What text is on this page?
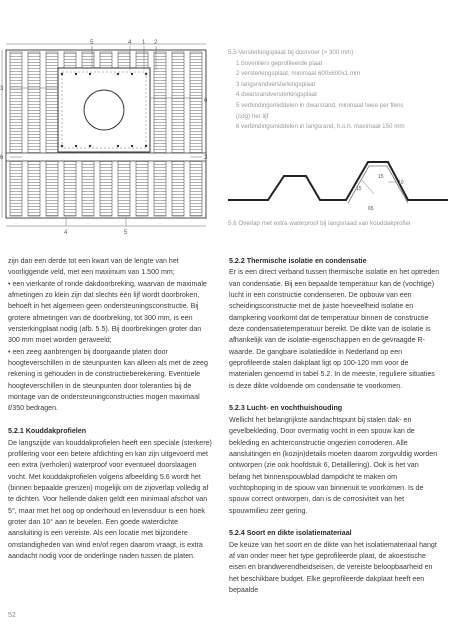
5	4 1 2
3
6
6	3
4	5
5.5 Versterkingsplaat bij doorvoer (> 300 mm)
1 bovenliers geprofileerde plaat
2 versterkingsplaat, minimaal 600x600x1 mm
3 langsrandversterkingsplaat
4 dwarsrandversterkingsplaat
5 verbindingsmiddelen in dwarsrand, minimaal twee per flens
(cdg) her lijf
6 verbindingsmiddelen in langsrand, h.o.h. maximaal 150 mm
15
10
15
65
5.6 Overlap met extra waterproof bij langsnaad van kouddakprofiel

zijn dan een derde tot een kwart van de lengte van het voorliggende veld, met een maximum van 1.500 mm;

• een vierkante of ronde dakdoorbreking, waarvan de maximale afmetingen zo klein zijn dat slechts één lijf wordt doorbroken, behoeft in het algemeen geen ondersteuningsconstructie. Bij grotere afmetingen van de doorbreking, tot 300 mm, is een versterkingplaat nodig (afb. 5.5). Bij doorbrekingen groter dan 300 mm moet worden geraveeld;

• een zeeg aanbrengen bij doorgaande platen door hoogteverschillen in de steunpunten kan alleen als met de zeeg rekening is gehouden in de constructieberekening. Eventuele hoogteverschillen in de steunpunten door toleranties bij de montage van de ondersteuningconstructies mogen maximaal ℓ/350 bedragen.

5.2.1 Kouddakprofielen

De langszijde van kouddakprofielen heeft een speciale (sterkere) profilering voor een betere afdichting en kan zijn uitgevoerd met een extra (verholen) waterproof voor eventueel doorslaagen vocht. Met kouddakprofielen volgens afbeelding 5.6 wordt het (binnen bepaalde grenzen) mogelijk om de zijoverlap volledig af te dichten. Voor hellende daken geldt een minimaal afschot van 5°, maar met het oog op onderhoud en levensduur is een hoek groter dan 10° aan te bevelen. Een goede waterdichte aansluiting is een vereiste. Als een locatie met bijzondere omstandigheden van wind en/of regen daarom vraagt, is extra aandacht nodig voor de onderlinge naden tussen de platen.

5.2.2 Thermische isolatie en condensatie

Er is een direct verband tussen thermische isolatie en het optreden van condensatie. Bij een bepaalde temperatuur kan de (vochtige) lucht in een constructie condenseren. De opbouw van een scheidingsconstructie met de juiste hoeveelheid isolatie en dampkering voorkomt dat de temperatuur binnen de constructie deze condensatietemperatuur bereikt. De dikte van de isolatie is afhankelijk van de isolatie-eigenschappen en de gevraagde R-waarde. De gangbare isolatiedikte in Nederland op een geprofileerde stalen dakplaat ligt op 100-120 mm voor de materialen genoemd in tabel 5.2. In de meeste, reguliere situaties is deze dikte voldoende om condensatie te voorkomen.

5.2.3 Lucht- en vochthuishouding

Wellicht het belangrijkste aandachtspunt bij stalen dak- en gevelbekleding. Door overmatig vocht in een spouw kan de bekleding en achterconstructie ongezien corroderen. Alle aansluitingen en (kozijn)details moeten daarom zorgvuldig worden ontworpen (zie ook hoofdstuk 6, Detaillering). Ook is het van belang het binnenspouwblad dampdicht te maken om vochtophoping in de spouw van binnenuit te voorkomen. Is de spouw correct ontworpen, dan is de corrosiviteit van het spouwmilieu zeer gering.

5.2.4 Soort en dikte isolatiemateriaal

De keuze van het soort en de dikte van het isolatiemateriaal hangt af van onder meer het type geprofileerde plaat, de akoestische eisen en brandwerendheidseisen, de vereiste beloopbaarheid en het beschikbare budget. Elke geprofileerde dakplaat heeft een bepaalde

52
